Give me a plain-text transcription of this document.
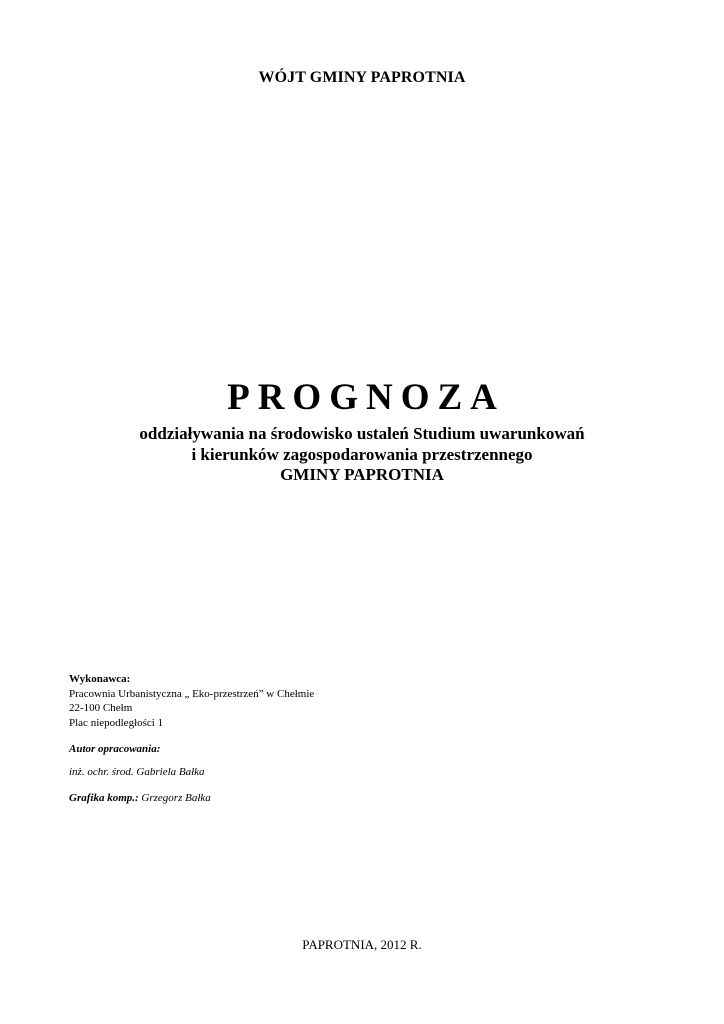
WÓJT GMINY PAPROTNIA
PROGNOZA
oddziaływania na środowisko ustaleń Studium uwarunkowań
i kierunków zagospodarowania przestrzennego
GMINY PAPROTNIA
Wykonawca:
Pracownia Urbanistyczna „ Eko-przestrzeń” w Chełmie
22-100 Chełm
Plac niepodległości 1
Autor opracowania:
inż. ochr. środ. Gabriela Bałka
Grafika komp.: Grzegorz Bałka
PAPROTNIA, 2012 R.
